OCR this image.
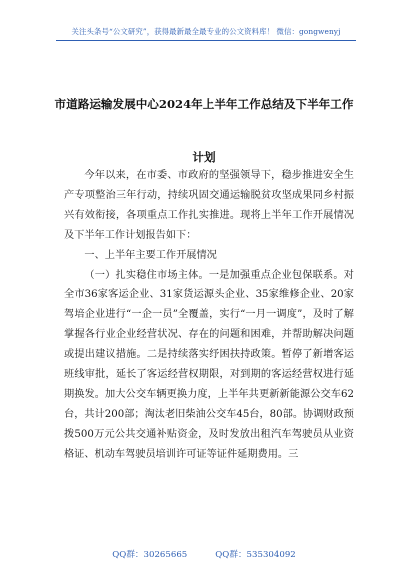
关注头条号“公文研究”，获得最新最全最专业的公文资料库！ 微信：gongwenyj
市道路运输发展中心2024年上半年工作总结及下半年工作
计划

今年以来，在市委、市政府的坚强领导下，稳步推进安全生产专项整治三年行动，持续巩固交通运输脱贫攻坚成果同乡村振兴有效衔接，各项重点工作扎实推进。现将上半年工作开展情况及下半年工作计划报告如下：

一、上半年主要工作开展情况

（一）扎实稳住市场主体。一是加强重点企业包保联系。对全市36家客运企业、31家货运源头企业、35家维修企业、20家驾培企业进行“一企一员”全覆盖，实行“一月一调度”，及时了解掌握各行业企业经营状况、存在的问题和困难，并帮助解决问题或提出建议措施。二是持续落实纾困扶持政策。暂停了新增客运班线审批，延长了客运经营权期限，对到期的客运经营权进行延期换发。加大公交车辆更换力度，上半年共更新新能源公交车62台，共计200部；淘汰老旧柴油公交车45台，80部。协调财政预拨500万元公共交通补贴资金，及时发放出租汽车驾驶员从业资格证、机动车驾驶员培训许可证等证件延期费用。三

QQ群：30265665	QQ群：535304092
